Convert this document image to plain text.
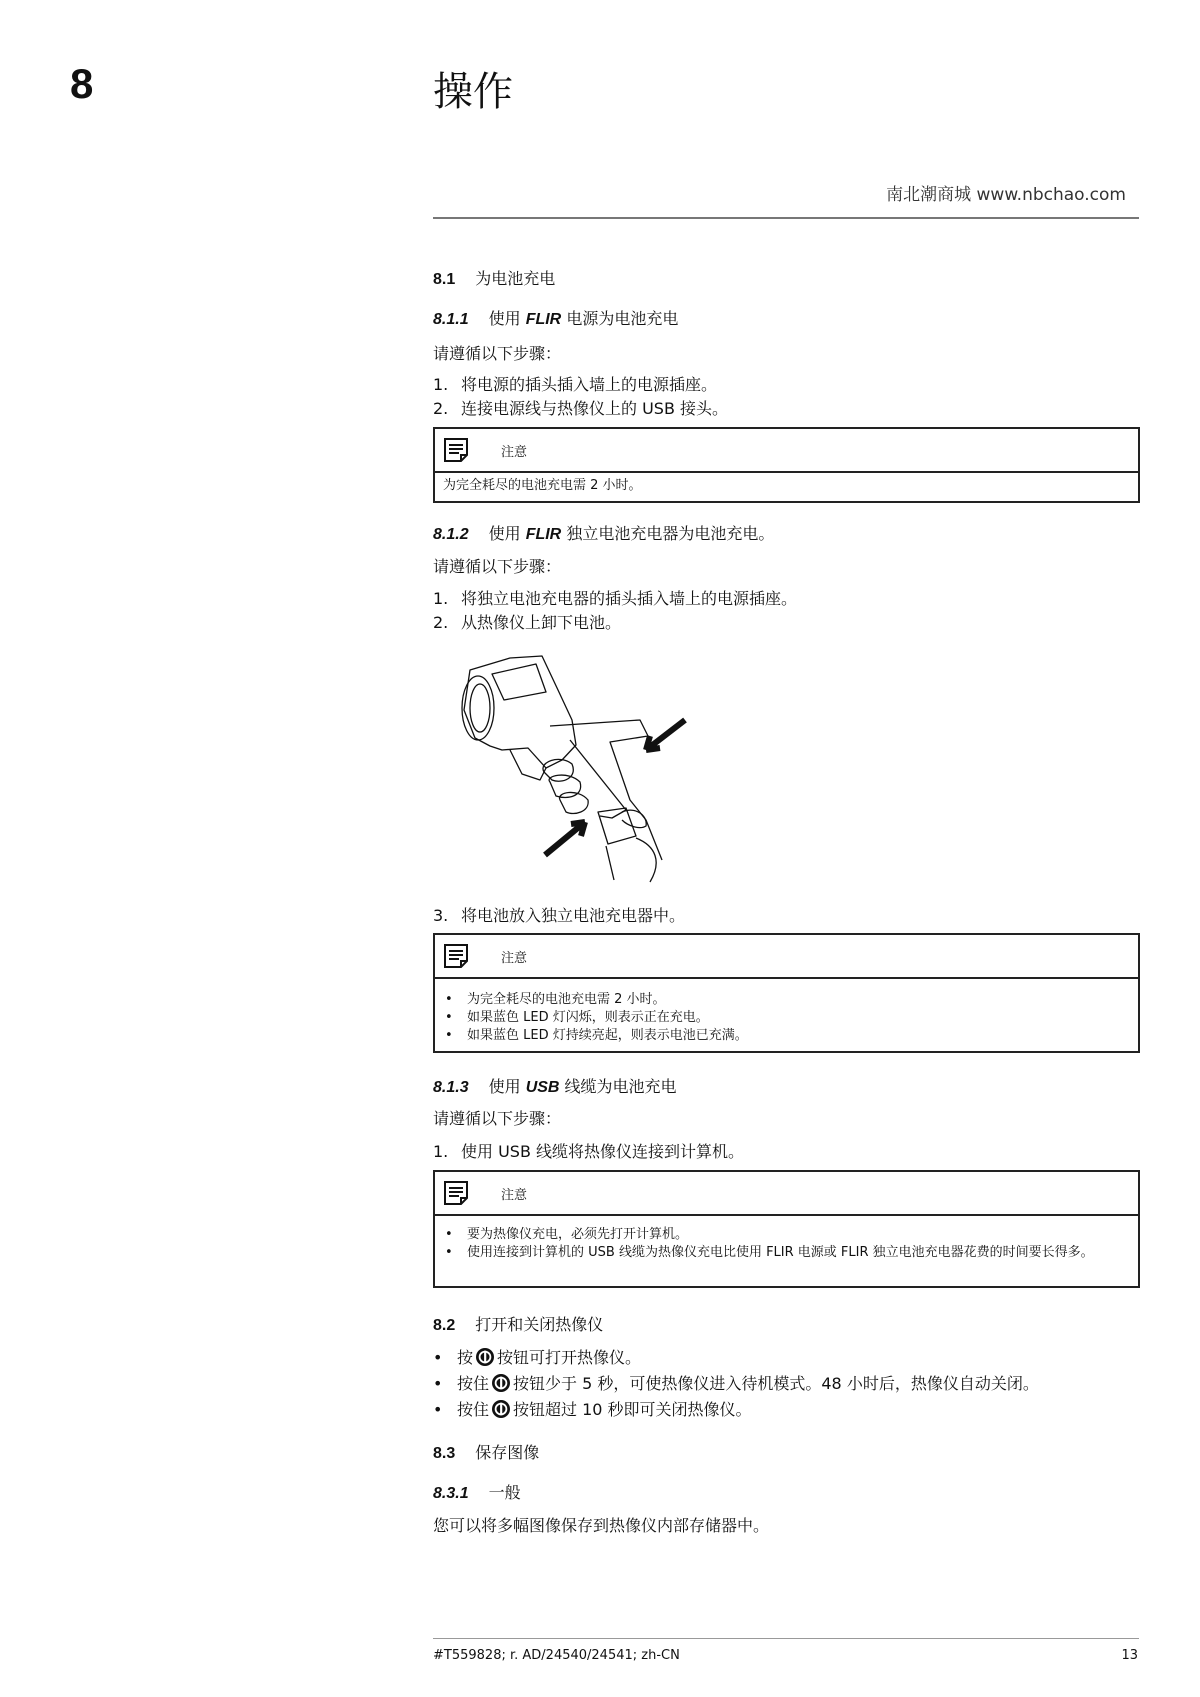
8	操作
南北潮商城 www.nbchao.com
8.1 为电池充电
8.1.1 使用 FLIR 电源为电池充电
请遵循以下步骤：
1. 将电源的插头插入墙上的电源插座。
2. 连接电源线与热像仪上的 USB 接头。
注意
为完全耗尽的电池充电需 2 小时。
8.1.2 使用 FLIR 独立电池充电器为电池充电。
请遵循以下步骤：
1. 将独立电池充电器的插头插入墙上的电源插座。
2. 从热像仪上卸下电池。
3. 将电池放入独立电池充电器中。
注意
• 为完全耗尽的电池充电需 2 小时。
• 如果蓝色 LED 灯闪烁，则表示正在充电。
• 如果蓝色 LED 灯持续亮起，则表示电池已充满。
8.1.3 使用 USB 线缆为电池充电
请遵循以下步骤：
1. 使用 USB 线缆将热像仪连接到计算机。
注意
• 要为热像仪充电，必须先打开计算机。
• 使用连接到计算机的 USB 线缆为热像仪充电比使用 FLIR 电源或 FLIR 独立电池充电器花费的时间要长得多。
8.2 打开和关闭热像仪
• 按 按钮可打开热像仪。
• 按住 按钮少于 5 秒，可使热像仪进入待机模式。48 小时后，热像仪自动关闭。
• 按住 按钮超过 10 秒即可关闭热像仪。
8.3 保存图像
8.3.1 一般
您可以将多幅图像保存到热像仪内部存储器中。
#T559828; r. AD/24540/24541; zh-CN	13
